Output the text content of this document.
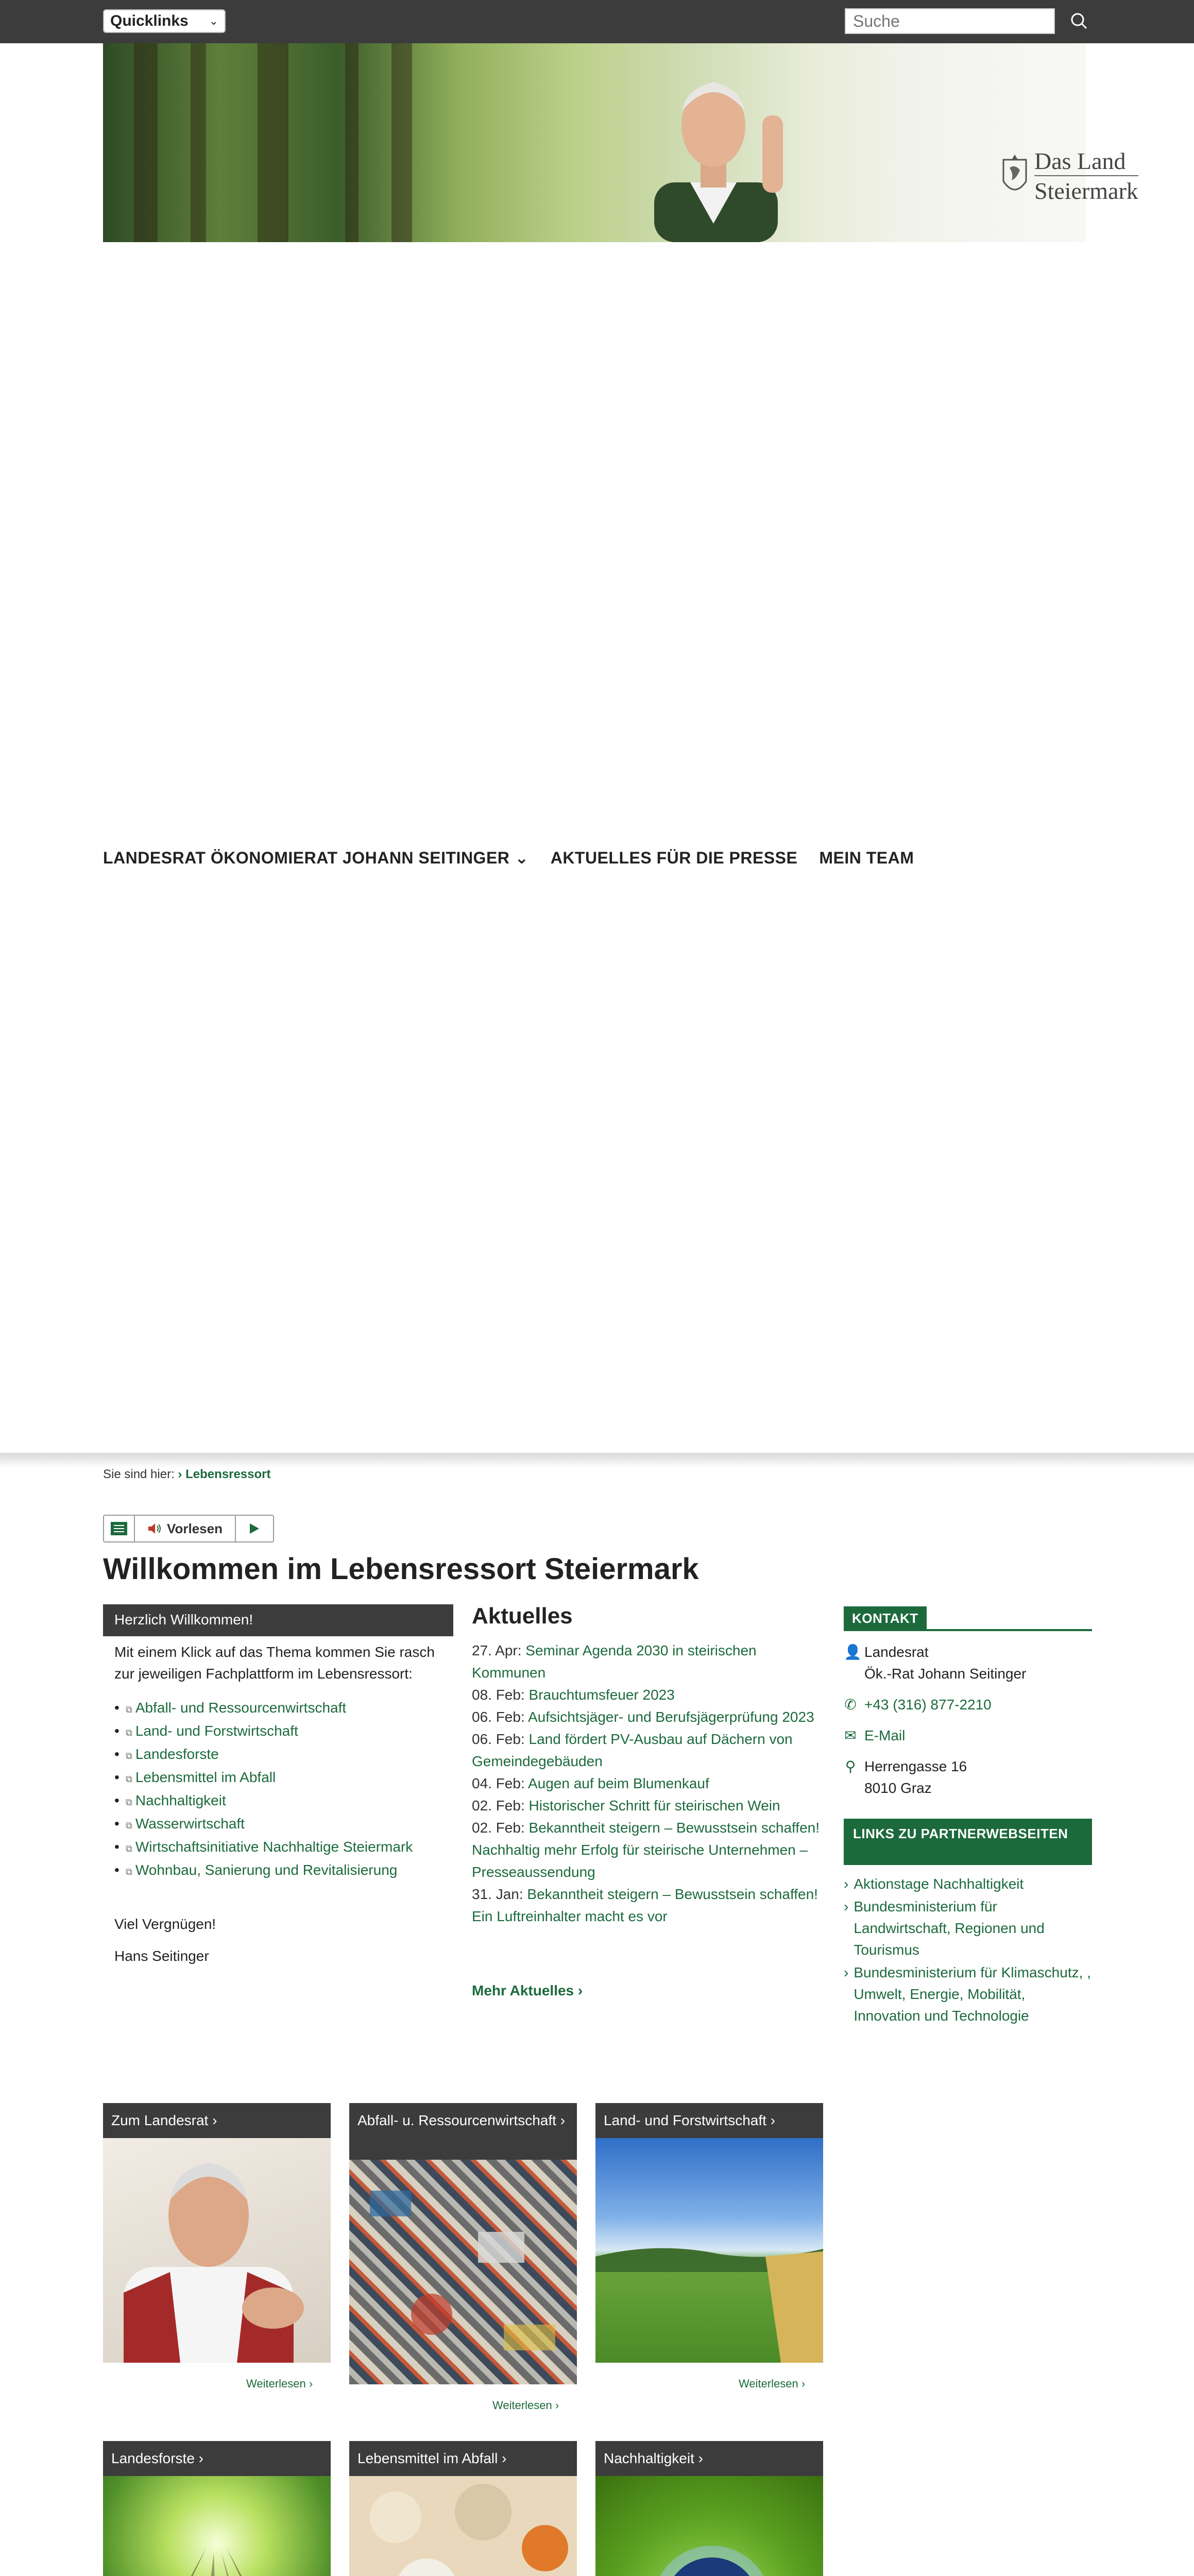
Quicklinks ⌄
Suche
Das Land
Steiermark
LANDESRAT ÖKONOMIERAT JOHANN SEITINGER ⌄ AKTUELLES FÜR DIE PRESSE MEIN TEAM
Sie sind hier: › Lebensressort
Vorlesen
Willkommen im Lebensressort Steiermark
Herzlich Willkommen!

Mit einem Klick auf das Thema kommen Sie rasch zur jeweiligen Fachplattform im Lebensressort:

• ⧉ Abfall- und Ressourcenwirtschaft
• ⧉ Land- und Forstwirtschaft
• ⧉ Landesforste
• ⧉ Lebensmittel im Abfall
• ⧉ Nachhaltigkeit
• ⧉ Wasserwirtschaft
• ⧉ Wirtschaftsinitiative Nachhaltige Steiermark
• ⧉ Wohnbau, Sanierung und Revitalisierung

Viel Vergnügen!

Hans Seitinger

Aktuelles
27. Apr: Seminar Agenda 2030 in steirischen Kommunen
08. Feb: Brauchtumsfeuer 2023
06. Feb: Aufsichtsjäger- und Berufsjägerprüfung 2023
06. Feb: Land fördert PV-Ausbau auf Dächern von Gemeindegebäuden
04. Feb: Augen auf beim Blumenkauf
02. Feb: Historischer Schritt für steirischen Wein
02. Feb: Bekanntheit steigern – Bewusstsein schaffen! Nachhaltig mehr Erfolg für steirische Unternehmen – Presseaussendung
31. Jan: Bekanntheit steigern – Bewusstsein schaffen! Ein Luftreinhalter macht es vor
Mehr Aktuelles ›
KONTAKT
👤 Landesrat
Ök.-Rat Johann Seitinger
✆ +43 (316) 877-2210
✉ E-Mail
⚲ Herrengasse 16
8010 Graz
LINKS ZU PARTNERWEBSEITEN
› Aktionstage Nachhaltigkeit
› Bundesministerium für Landwirtschaft, Regionen und Tourismus
› Bundesministerium für Klimaschutz, , Umwelt, Energie, Mobilität, Innovation und Technologie
Zum Landesrat ›
Weiterlesen ›
Abfall- u. Ressourcenwirtschaft ›
Weiterlesen ›
Land- und Forstwirtschaft ›
Weiterlesen ›
Landesforste ›	Lebensmittel im Abfall ›	Nachhaltigkeit ›
